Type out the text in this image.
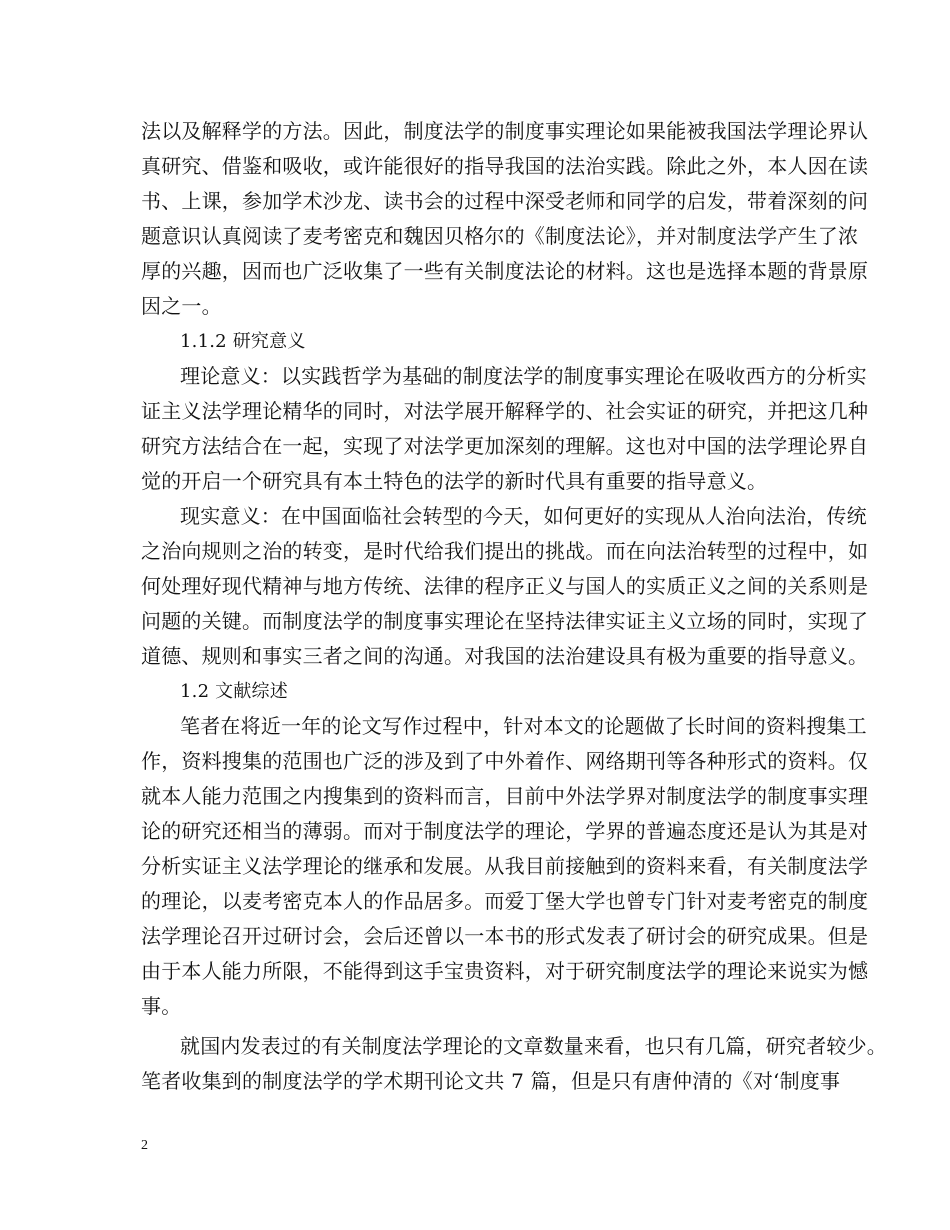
法以及解释学的方法。因此，制度法学的制度事实理论如果能被我国法学理论界认
真研究、借鉴和吸收，或许能很好的指导我国的法治实践。除此之外，本人因在读
书、上课，参加学术沙龙、读书会的过程中深受老师和同学的启发，带着深刻的问
题意识认真阅读了麦考密克和魏因贝格尔的《制度法论》，并对制度法学产生了浓
厚的兴趣，因而也广泛收集了一些有关制度法论的材料。这也是选择本题的背景原
因之一。
1.1.2 研究意义
理论意义：以实践哲学为基础的制度法学的制度事实理论在吸收西方的分析实
证主义法学理论精华的同时，对法学展开解释学的、社会实证的研究，并把这几种
研究方法结合在一起，实现了对法学更加深刻的理解。这也对中国的法学理论界自
觉的开启一个研究具有本土特色的法学的新时代具有重要的指导意义。
现实意义：在中国面临社会转型的今天，如何更好的实现从人治向法治，传统
之治向规则之治的转变，是时代给我们提出的挑战。而在向法治转型的过程中，如
何处理好现代精神与地方传统、法律的程序正义与国人的实质正义之间的关系则是
问题的关键。而制度法学的制度事实理论在坚持法律实证主义立场的同时，实现了
道德、规则和事实三者之间的沟通。对我国的法治建设具有极为重要的指导意义。
1.2 文献综述
笔者在将近一年的论文写作过程中，针对本文的论题做了长时间的资料搜集工
作，资料搜集的范围也广泛的涉及到了中外着作、网络期刊等各种形式的资料。仅
就本人能力范围之内搜集到的资料而言，目前中外法学界对制度法学的制度事实理
论的研究还相当的薄弱。而对于制度法学的理论，学界的普遍态度还是认为其是对
分析实证主义法学理论的继承和发展。从我目前接触到的资料来看，有关制度法学
的理论，以麦考密克本人的作品居多。而爱丁堡大学也曾专门针对麦考密克的制度
法学理论召开过研讨会，会后还曾以一本书的形式发表了研讨会的研究成果。但是
由于本人能力所限，不能得到这手宝贵资料，对于研究制度法学的理论来说实为憾
事。
就国内发表过的有关制度法学理论的文章数量来看，也只有几篇，研究者较少。
笔者收集到的制度法学的学术期刊论文共 7 篇，但是只有唐仲清的《对‘制度事
2
